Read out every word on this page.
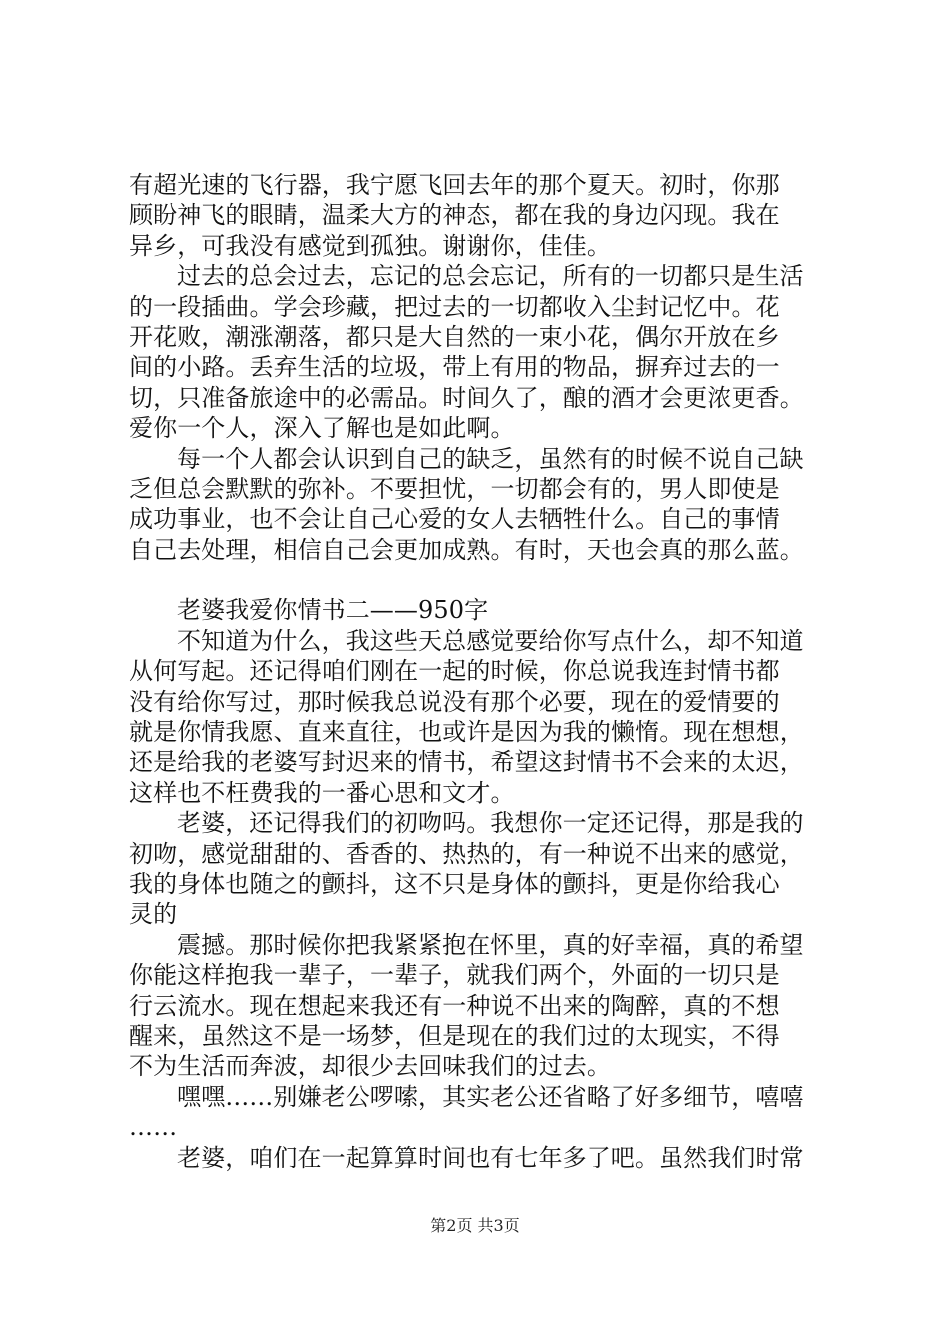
有超光速的飞行器，我宁愿飞回去年的那个夏天。初时，你那
顾盼神飞的眼睛，温柔大方的神态，都在我的身边闪现。我在
异乡，可我没有感觉到孤独。谢谢你，佳佳。
过去的总会过去，忘记的总会忘记，所有的一切都只是生活
的一段插曲。学会珍藏，把过去的一切都收入尘封记忆中。花
开花败，潮涨潮落，都只是大自然的一束小花，偶尔开放在乡
间的小路。丢弃生活的垃圾，带上有用的物品，摒弃过去的一
切，只准备旅途中的必需品。时间久了，酿的酒才会更浓更香。
爱你一个人，深入了解也是如此啊。
每一个人都会认识到自己的缺乏，虽然有的时候不说自己缺
乏但总会默默的弥补。不要担忧，一切都会有的，男人即使是
成功事业，也不会让自己心爱的女人去牺牲什么。自己的事情
自己去处理，相信自己会更加成熟。有时，天也会真的那么蓝。
老婆我爱你情书二——950字
不知道为什么，我这些天总感觉要给你写点什么，却不知道
从何写起。还记得咱们刚在一起的时候，你总说我连封情书都
没有给你写过，那时候我总说没有那个必要，现在的爱情要的
就是你情我愿、直来直往，也或许是因为我的懒惰。现在想想，
还是给我的老婆写封迟来的情书，希望这封情书不会来的太迟，
这样也不枉费我的一番心思和文才。
老婆，还记得我们的初吻吗。我想你一定还记得，那是我的
初吻，感觉甜甜的、香香的、热热的，有一种说不出来的感觉，
我的身体也随之的颤抖，这不只是身体的颤抖，更是你给我心
灵的
震撼。那时候你把我紧紧抱在怀里，真的好幸福，真的希望
你能这样抱我一辈子，一辈子，就我们两个，外面的一切只是
行云流水。现在想起来我还有一种说不出来的陶醉，真的不想
醒来，虽然这不是一场梦，但是现在的我们过的太现实，不得
不为生活而奔波，却很少去回味我们的过去。
嘿嘿……别嫌老公啰嗦，其实老公还省略了好多细节，嘻嘻
……
老婆，咱们在一起算算时间也有七年多了吧。虽然我们时常
第2页 共3页
